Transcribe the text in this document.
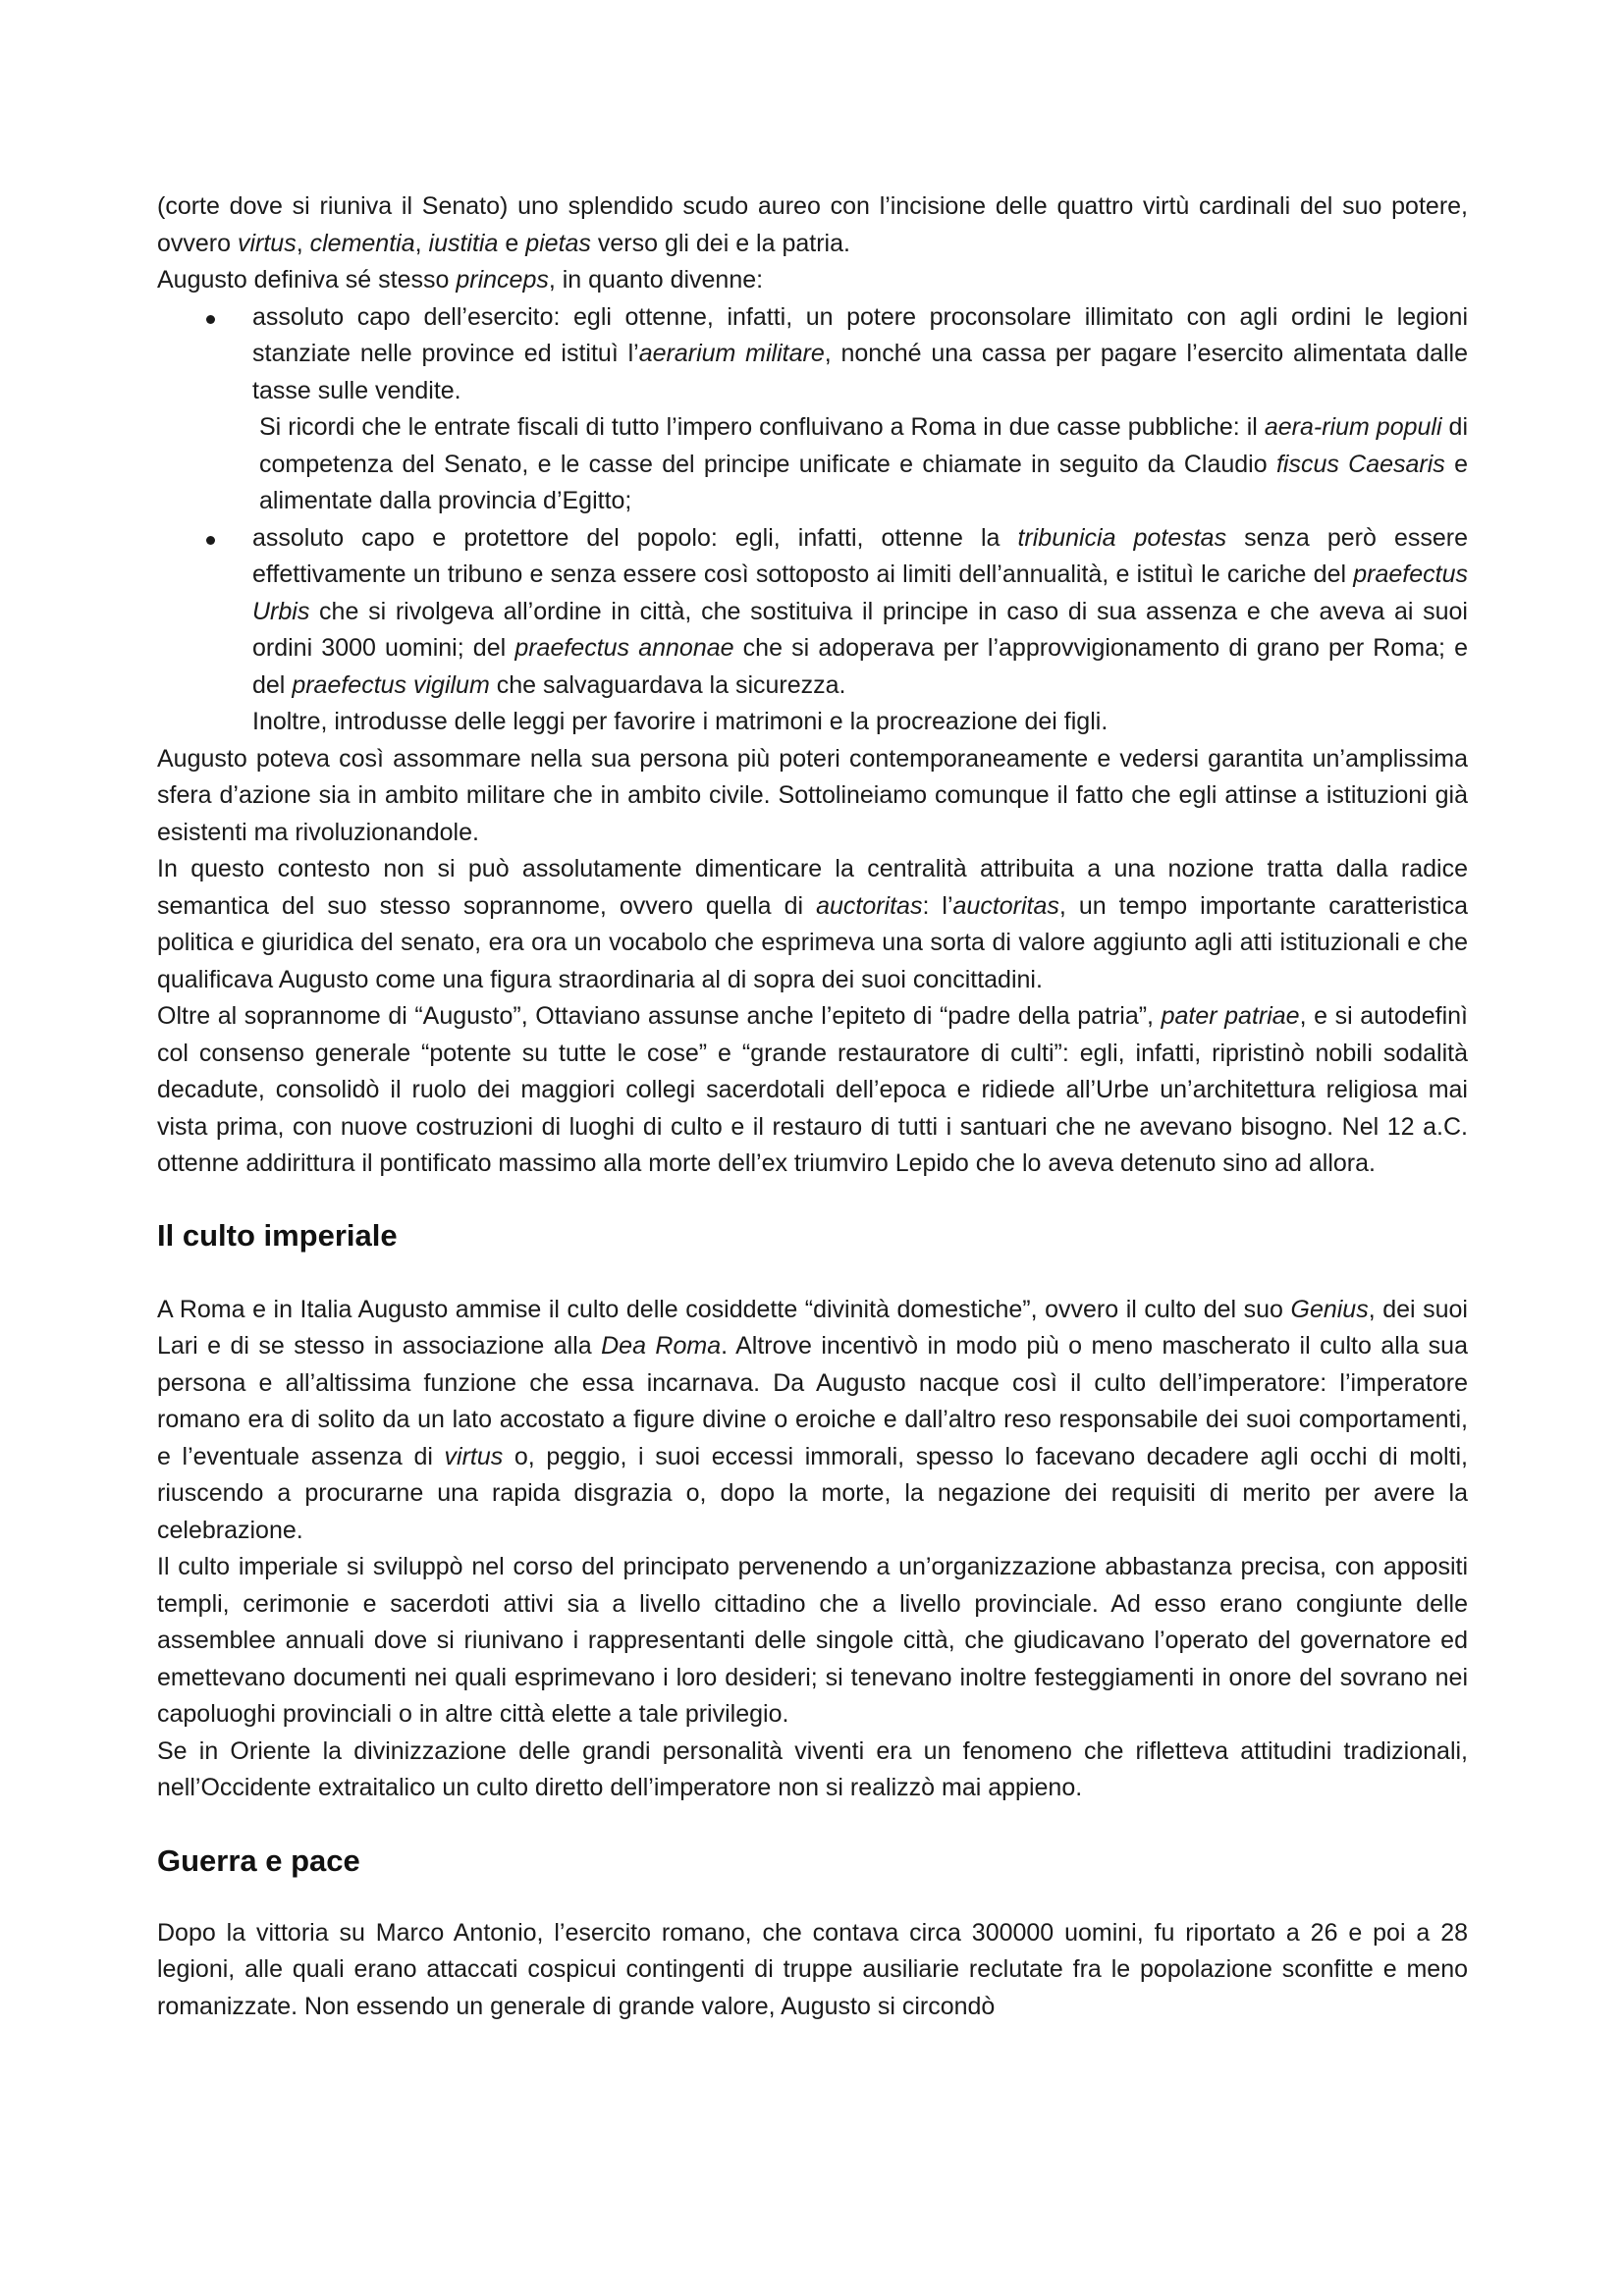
(corte dove si riuniva il Senato) uno splendido scudo aureo con l’incisione delle quattro virtù cardinali del suo potere, ovvero virtus, clementia, iustitia e pietas verso gli dei e la patria.

Augusto definiva sé stesso princeps, in quanto divenne:

assoluto capo dell’esercito: egli ottenne, infatti, un potere proconsolare illimitato con agli ordini le legioni stanziate nelle province ed istituì l’aerarium militare, nonché una cassa per pagare l’esercito alimentata dalle tasse sulle vendite.

Si ricordi che le entrate fiscali di tutto l’impero confluivano a Roma in due casse pubbliche: il aera-rium populi di competenza del Senato, e le casse del principe unificate e chiamate in seguito da Claudio fiscus Caesaris e alimentate dalla provincia d’Egitto;

assoluto capo e protettore del popolo: egli, infatti, ottenne la tribunicia potestas senza però essere effettivamente un tribuno e senza essere così sottoposto ai limiti dell’annualità, e istituì le cariche del praefectus Urbis che si rivolgeva all’ordine in città, che sostituiva il principe in caso di sua assenza e che aveva ai suoi ordini 3000 uomini; del praefectus annonae che si adoperava per l’approvvigionamento di grano per Roma; e del praefectus vigilum che salvaguardava la sicurezza.

Inoltre, introdusse delle leggi per favorire i matrimoni e la procreazione dei figli.

Augusto poteva così assommare nella sua persona più poteri contemporaneamente e vedersi garantita un’amplissima sfera d’azione sia in ambito militare che in ambito civile. Sottolineiamo comunque il fatto che egli attinse a istituzioni già esistenti ma rivoluzionandole.

In questo contesto non si può assolutamente dimenticare la centralità attribuita a una nozione tratta dalla radice semantica del suo stesso soprannome, ovvero quella di auctoritas: l’auctoritas, un tempo importante caratteristica politica e giuridica del senato, era ora un vocabolo che esprimeva una sorta di valore aggiunto agli atti istituzionali e che qualificava Augusto come una figura straordinaria al di sopra dei suoi concittadini.

Oltre al soprannome di “Augusto”, Ottaviano assunse anche l’epiteto di “padre della patria”, pater patriae, e si autodefinì col consenso generale “potente su tutte le cose” e “grande restauratore di culti”: egli, infatti, ripristinò nobili sodalità decadute, consolidò il ruolo dei maggiori collegi sacerdotali dell’epoca e ridiede all’Urbe un’architettura religiosa mai vista prima, con nuove costruzioni di luoghi di culto e il restauro di tutti i santuari che ne avevano bisogno. Nel 12 a.C. ottenne addirittura il pontificato massimo alla morte dell’ex triumviro Lepido che lo aveva detenuto sino ad allora.

Il culto imperiale

A Roma e in Italia Augusto ammise il culto delle cosiddette “divinità domestiche”, ovvero il culto del suo Genius, dei suoi Lari e di se stesso in associazione alla Dea Roma. Altrove incentivò in modo più o meno mascherato il culto alla sua persona e all’altissima funzione che essa incarnava. Da Augusto nacque così il culto dell’imperatore: l’imperatore romano era di solito da un lato accostato a figure divine o eroiche e dall’altro reso responsabile dei suoi comportamenti, e l’eventuale assenza di virtus o, peggio, i suoi eccessi immorali, spesso lo facevano decadere agli occhi di molti, riuscendo a procurarne una rapida disgrazia o, dopo la morte, la negazione dei requisiti di merito per avere la celebrazione.

Il culto imperiale si sviluppò nel corso del principato pervenendo a un’organizzazione abbastanza precisa, con appositi templi, cerimonie e sacerdoti attivi sia a livello cittadino che a livello provinciale. Ad esso erano congiunte delle assemblee annuali dove si riunivano i rappresentanti delle singole città, che giudicavano l’operato del governatore ed emettevano documenti nei quali esprimevano i loro desideri; si tenevano inoltre festeggiamenti in onore del sovrano nei capoluoghi provinciali o in altre città elette a tale privilegio.

Se in Oriente la divinizzazione delle grandi personalità viventi era un fenomeno che rifletteva attitudini tradizionali, nell’Occidente extraitalico un culto diretto dell’imperatore non si realizzò mai appieno.

Guerra e pace

Dopo la vittoria su Marco Antonio, l’esercito romano, che contava circa 300000 uomini, fu riportato a 26 e poi a 28 legioni, alle quali erano attaccati cospicui contingenti di truppe ausiliarie reclutate fra le popolazione sconfitte e meno romanizzate. Non essendo un generale di grande valore, Augusto si circondò
